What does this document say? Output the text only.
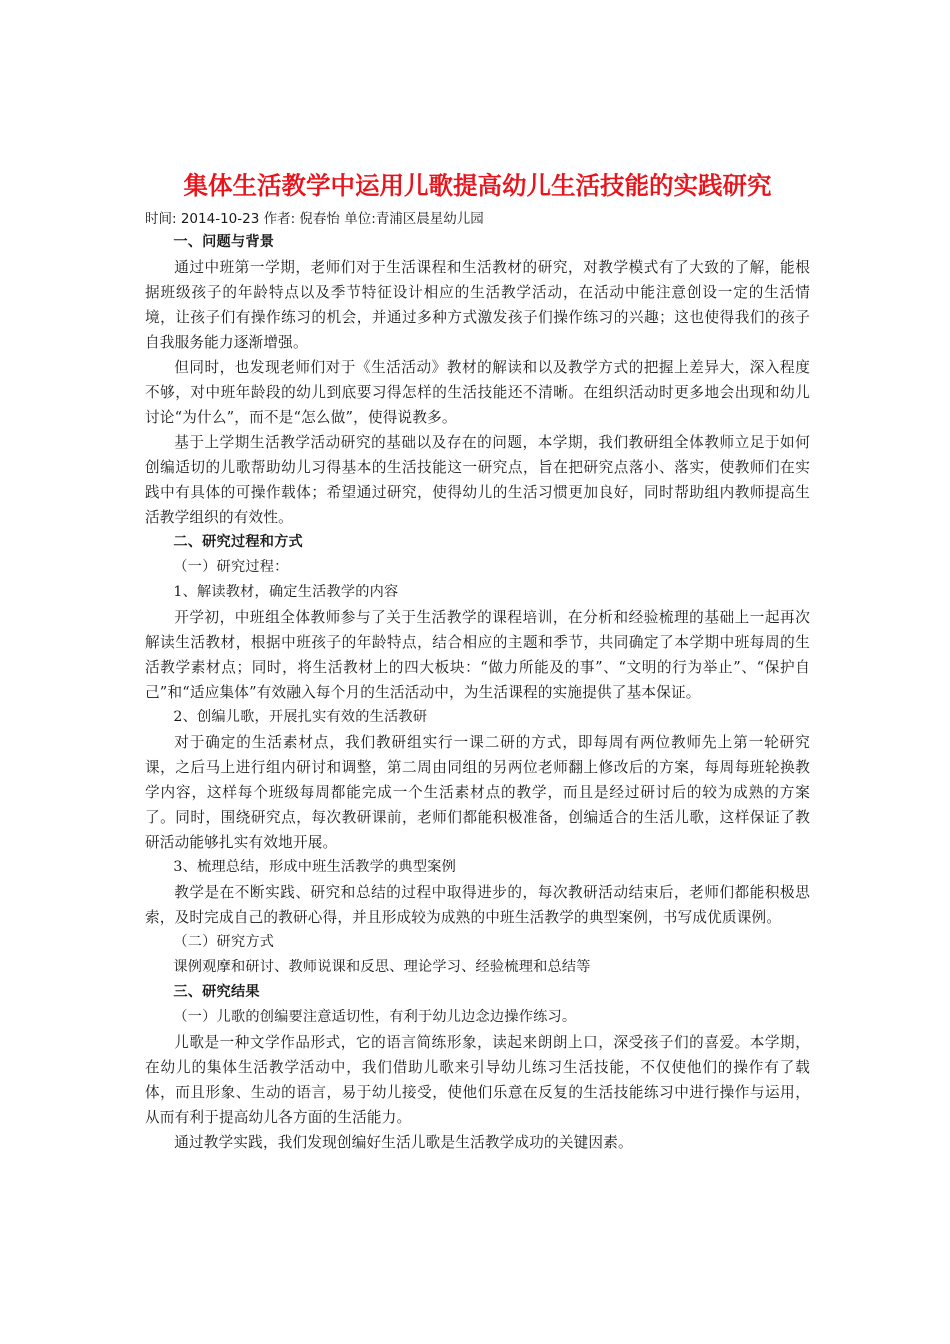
集体生活教学中运用儿歌提高幼儿生活技能的实践研究

时间: 2014-10-23 作者: 倪春怡 单位:青浦区晨星幼儿园

一、问题与背景

通过中班第一学期，老师们对于生活课程和生活教材的研究，对教学模式有了大致的了解，能根据班级孩子的年龄特点以及季节特征设计相应的生活教学活动，在活动中能注意创设一定的生活情境，让孩子们有操作练习的机会，并通过多种方式激发孩子们操作练习的兴趣；这也使得我们的孩子自我服务能力逐渐增强。

但同时，也发现老师们对于《生活活动》教材的解读和以及教学方式的把握上差异大，深入程度不够，对中班年龄段的幼儿到底要习得怎样的生活技能还不清晰。在组织活动时更多地会出现和幼儿讨论“为什么”，而不是“怎么做”，使得说教多。

基于上学期生活教学活动研究的基础以及存在的问题，本学期，我们教研组全体教师立足于如何创编适切的儿歌帮助幼儿习得基本的生活技能这一研究点，旨在把研究点落小、落实，使教师们在实践中有具体的可操作载体；希望通过研究，使得幼儿的生活习惯更加良好，同时帮助组内教师提高生活教学组织的有效性。

二、研究过程和方式

（一）研究过程：

1、解读教材，确定生活教学的内容

开学初，中班组全体教师参与了关于生活教学的课程培训，在分析和经验梳理的基础上一起再次解读生活教材，根据中班孩子的年龄特点，结合相应的主题和季节，共同确定了本学期中班每周的生活教学素材点；同时，将生活教材上的四大板块：“做力所能及的事”、“文明的行为举止”、“保护自己”和“适应集体”有效融入每个月的生活活动中，为生活课程的实施提供了基本保证。

2、创编儿歌，开展扎实有效的生活教研

对于确定的生活素材点，我们教研组实行一课二研的方式，即每周有两位教师先上第一轮研究课，之后马上进行组内研讨和调整，第二周由同组的另两位老师翻上修改后的方案，每周每班轮换教学内容，这样每个班级每周都能完成一个生活素材点的教学，而且是经过研讨后的较为成熟的方案了。同时，围绕研究点，每次教研课前，老师们都能积极准备，创编适合的生活儿歌，这样保证了教研活动能够扎实有效地开展。

3、梳理总结，形成中班生活教学的典型案例

教学是在不断实践、研究和总结的过程中取得进步的，每次教研活动结束后，老师们都能积极思索，及时完成自己的教研心得，并且形成较为成熟的中班生活教学的典型案例，书写成优质课例。

（二）研究方式

课例观摩和研讨、教师说课和反思、理论学习、经验梳理和总结等

三、研究结果

（一）儿歌的创编要注意适切性，有利于幼儿边念边操作练习。

儿歌是一种文学作品形式，它的语言简练形象，读起来朗朗上口，深受孩子们的喜爱。本学期，在幼儿的集体生活教学活动中，我们借助儿歌来引导幼儿练习生活技能，不仅使他们的操作有了载体，而且形象、生动的语言，易于幼儿接受，使他们乐意在反复的生活技能练习中进行操作与运用，从而有利于提高幼儿各方面的生活能力。

通过教学实践，我们发现创编好生活儿歌是生活教学成功的关键因素。
